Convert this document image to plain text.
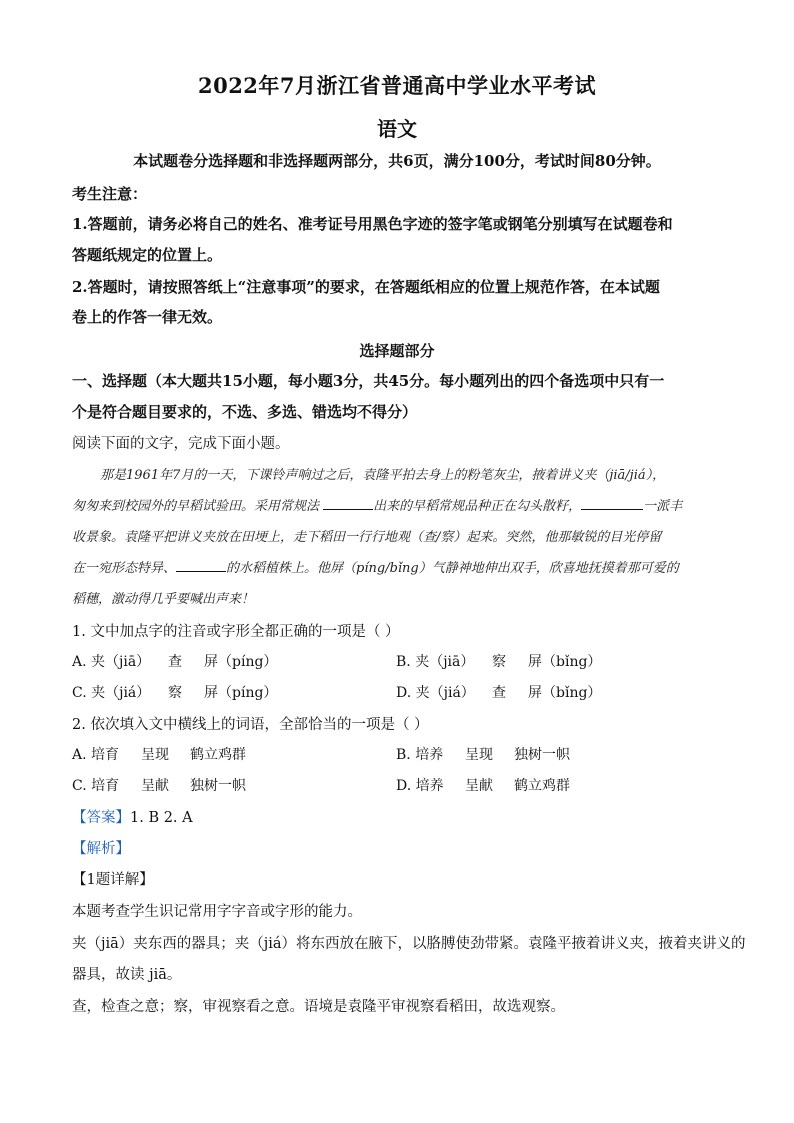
2022年7月浙江省普通高中学业水平考试
语文
本试题卷分选择题和非选择题两部分，共6页，满分100分，考试时间80分钟。
考生注意：
1.答题前，请务必将自己的姓名、准考证号用黑色字迹的签字笔或钢笔分别填写在试题卷和
答题纸规定的位置上。
2.答题时，请按照答纸上“注意事项”的要求，在答题纸相应的位置上规范作答，在本试题
卷上的作答一律无效。
选择题部分
一、选择题（本大题共15小题，每小题3分，共45分。每小题列出的四个备选项中只有一
个是符合题目要求的，不选、多选、错选均不得分）
阅读下面的文字，完成下面小题。
那是1961年7月的一天，下课铃声响过之后，袁隆平拍去身上的粉笔灰尘，掖着讲义夹（jiā/jiá），
匆匆来到校园外的早稻试验田。采用常规法	出来的早稻常规品种正在勾头散籽，	一派丰
收景象。袁隆平把讲义夹放在田埂上，走下稻田一行行地观（查/察）起来。突然，他那敏锐的目光停留
在一宛形态特异、	的水稻植株上。他屏（píng/bǐng）气静神地伸出双手，欣喜地抚摸着那可爱的
稻穗，激动得几乎要喊出声来！
1. 文中加点字的注音或字形全都正确的一项是（ ）
A. 夹（jiā） 查 屏（píng）	B. 夹（jiā） 察 屏（bǐng）
C. 夹（jiá） 察 屏（píng）	D. 夹（jiá） 查 屏（bǐng）
2. 依次填入文中横线上的词语，全部恰当的一项是（ ）
A. 培育 呈现 鹤立鸡群	B. 培养 呈现 独树一帜
C. 培育 呈献 独树一帜	D. 培养 呈献 鹤立鸡群
【答案】1. B 2. A
【解析】
【1题详解】
本题考查学生识记常用字字音或字形的能力。
夹（jiā）夹东西的器具；夹（jiá）将东西放在腋下，以胳膊使劲带紧。袁隆平掖着讲义夹，掖着夹讲义的
器具，故读 jiā。
查，检查之意；察，审视察看之意。语境是袁隆平审视察看稻田，故选观察。
